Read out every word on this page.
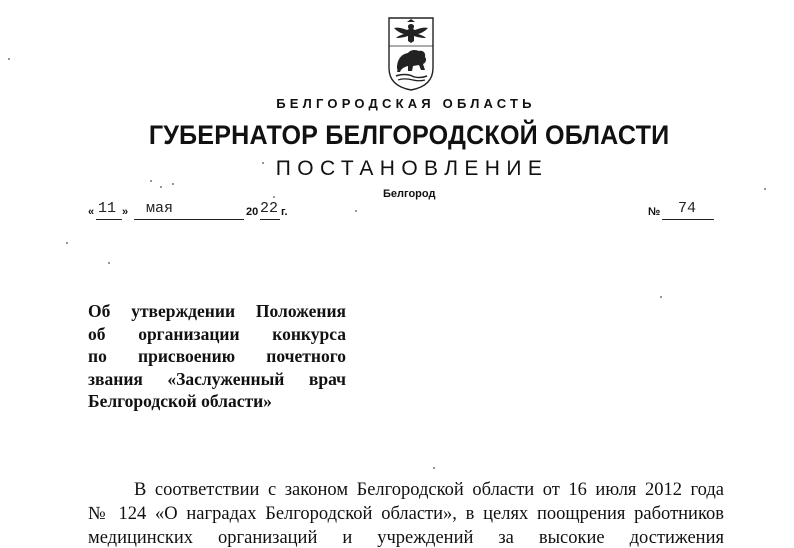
БЕЛГОРОДСКАЯ ОБЛАСТЬ
ГУБЕРНАТОР БЕЛГОРОДСКОЙ ОБЛАСТИ
ПОСТАНОВЛЕНИЕ
Белгород
« 11 » мая	20 22 г.	№ 74
Об утверждении Положения
об организации конкурса
по присвоению почетного
звания «Заслуженный врач
Белгородской области»
В соответствии с законом Белгородской области от 16 июля 2012 года
№ 124 «О наградах Белгородской области», в целях поощрения работников
медицинских организаций и учреждений за высокие достижения
